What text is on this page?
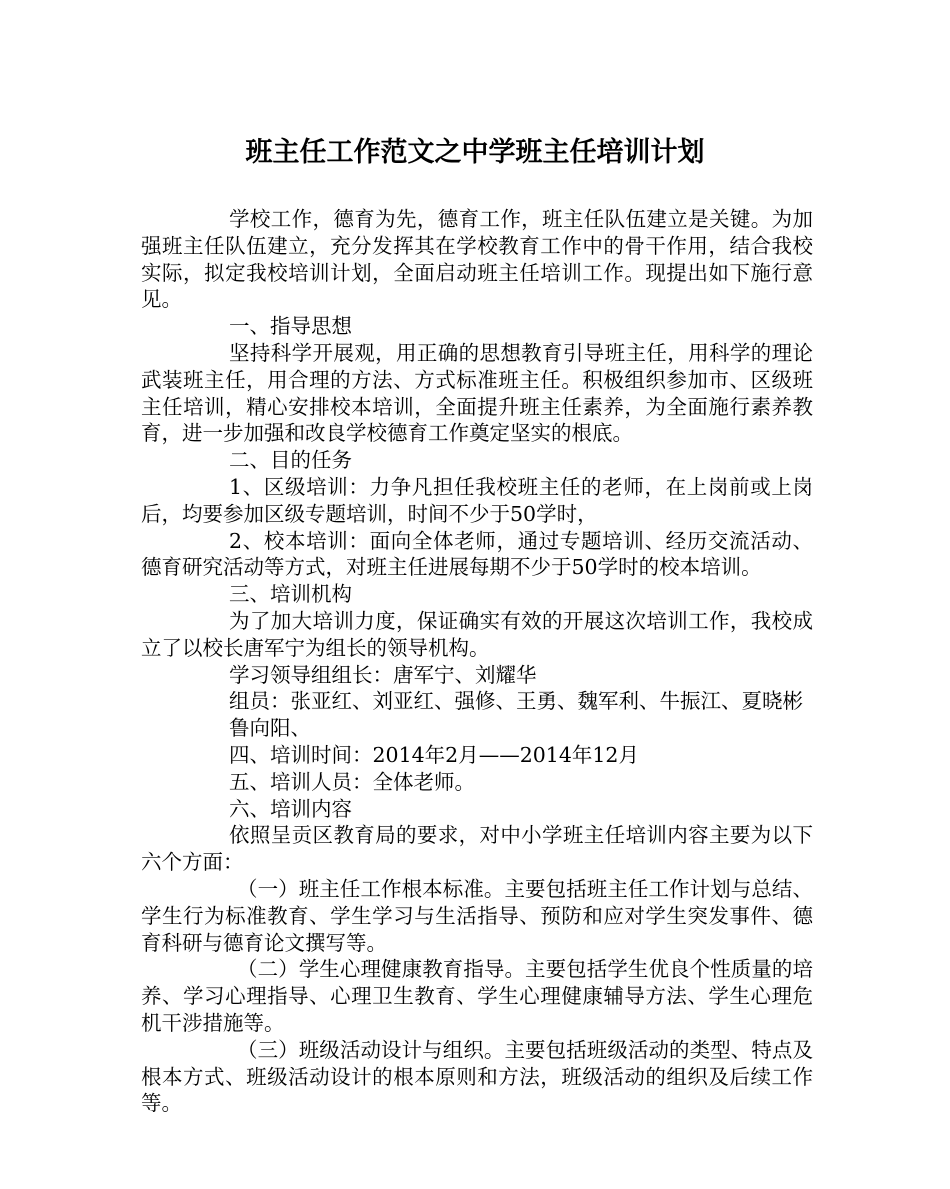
班主任工作范文之中学班主任培训计划

学校工作，德育为先，德育工作，班主任队伍建立是关键。为加强班主任队伍建立，充分发挥其在学校教育工作中的骨干作用，结合我校实际，拟定我校培训计划，全面启动班主任培训工作。现提出如下施行意见。

一、指导思想

坚持科学开展观，用正确的思想教育引导班主任，用科学的理论武装班主任，用合理的方法、方式标准班主任。积极组织参加市、区级班主任培训，精心安排校本培训，全面提升班主任素养，为全面施行素养教育，进一步加强和改良学校德育工作奠定坚实的根底。

二、目的任务

1、区级培训：力争凡担任我校班主任的老师，在上岗前或上岗后，均要参加区级专题培训，时间不少于50学时，

2、校本培训：面向全体老师，通过专题培训、经历交流活动、德育研究活动等方式，对班主任进展每期不少于50学时的校本培训。

三、培训机构

为了加大培训力度，保证确实有效的开展这次培训工作，我校成立了以校长唐军宁为组长的领导机构。

学习领导组组长：唐军宁、刘耀华

组员：张亚红、刘亚红、强修、王勇、魏军利、牛振江、夏晓彬

鲁向阳、

四、培训时间：2014年2月——2014年12月

五、培训人员：全体老师。

六、培训内容

依照呈贡区教育局的要求，对中小学班主任培训内容主要为以下六个方面：

（一）班主任工作根本标准。主要包括班主任工作计划与总结、学生行为标准教育、学生学习与生活指导、预防和应对学生突发事件、德育科研与德育论文撰写等。

（二）学生心理健康教育指导。主要包括学生优良个性质量的培养、学习心理指导、心理卫生教育、学生心理健康辅导方法、学生心理危机干涉措施等。

（三）班级活动设计与组织。主要包括班级活动的类型、特点及根本方式、班级活动设计的根本原则和方法，班级活动的组织及后续工作等。
